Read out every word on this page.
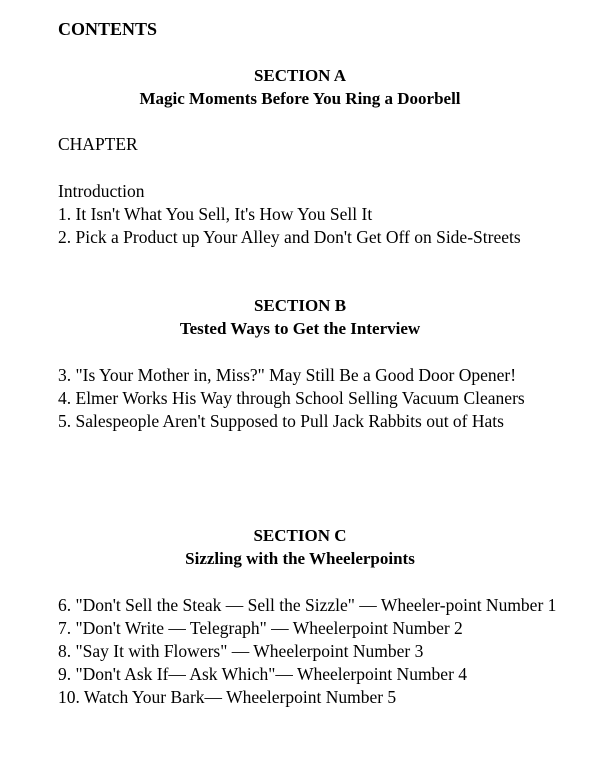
CONTENTS
SECTION A
Magic Moments Before You Ring a Doorbell
CHAPTER
Introduction
1. It Isn't What You Sell, It's How You Sell It
2. Pick a Product up Your Alley and Don't Get Off on Side-Streets
SECTION B
Tested Ways to Get the Interview
3. "Is Your Mother in, Miss?" May Still Be a Good Door Opener!
4. Elmer Works His Way through School Selling Vacuum Cleaners
5. Salespeople Aren't Supposed to Pull Jack Rabbits out of Hats
SECTION C
Sizzling with the Wheelerpoints
6. "Don't Sell the Steak — Sell the Sizzle" — Wheeler-point Number 1
7. "Don't Write — Telegraph" — Wheelerpoint Number 2
8. "Say It with Flowers" — Wheelerpoint Number 3
9. "Don't Ask If— Ask Which"— Wheelerpoint Number 4
10. Watch Your Bark— Wheelerpoint Number 5
